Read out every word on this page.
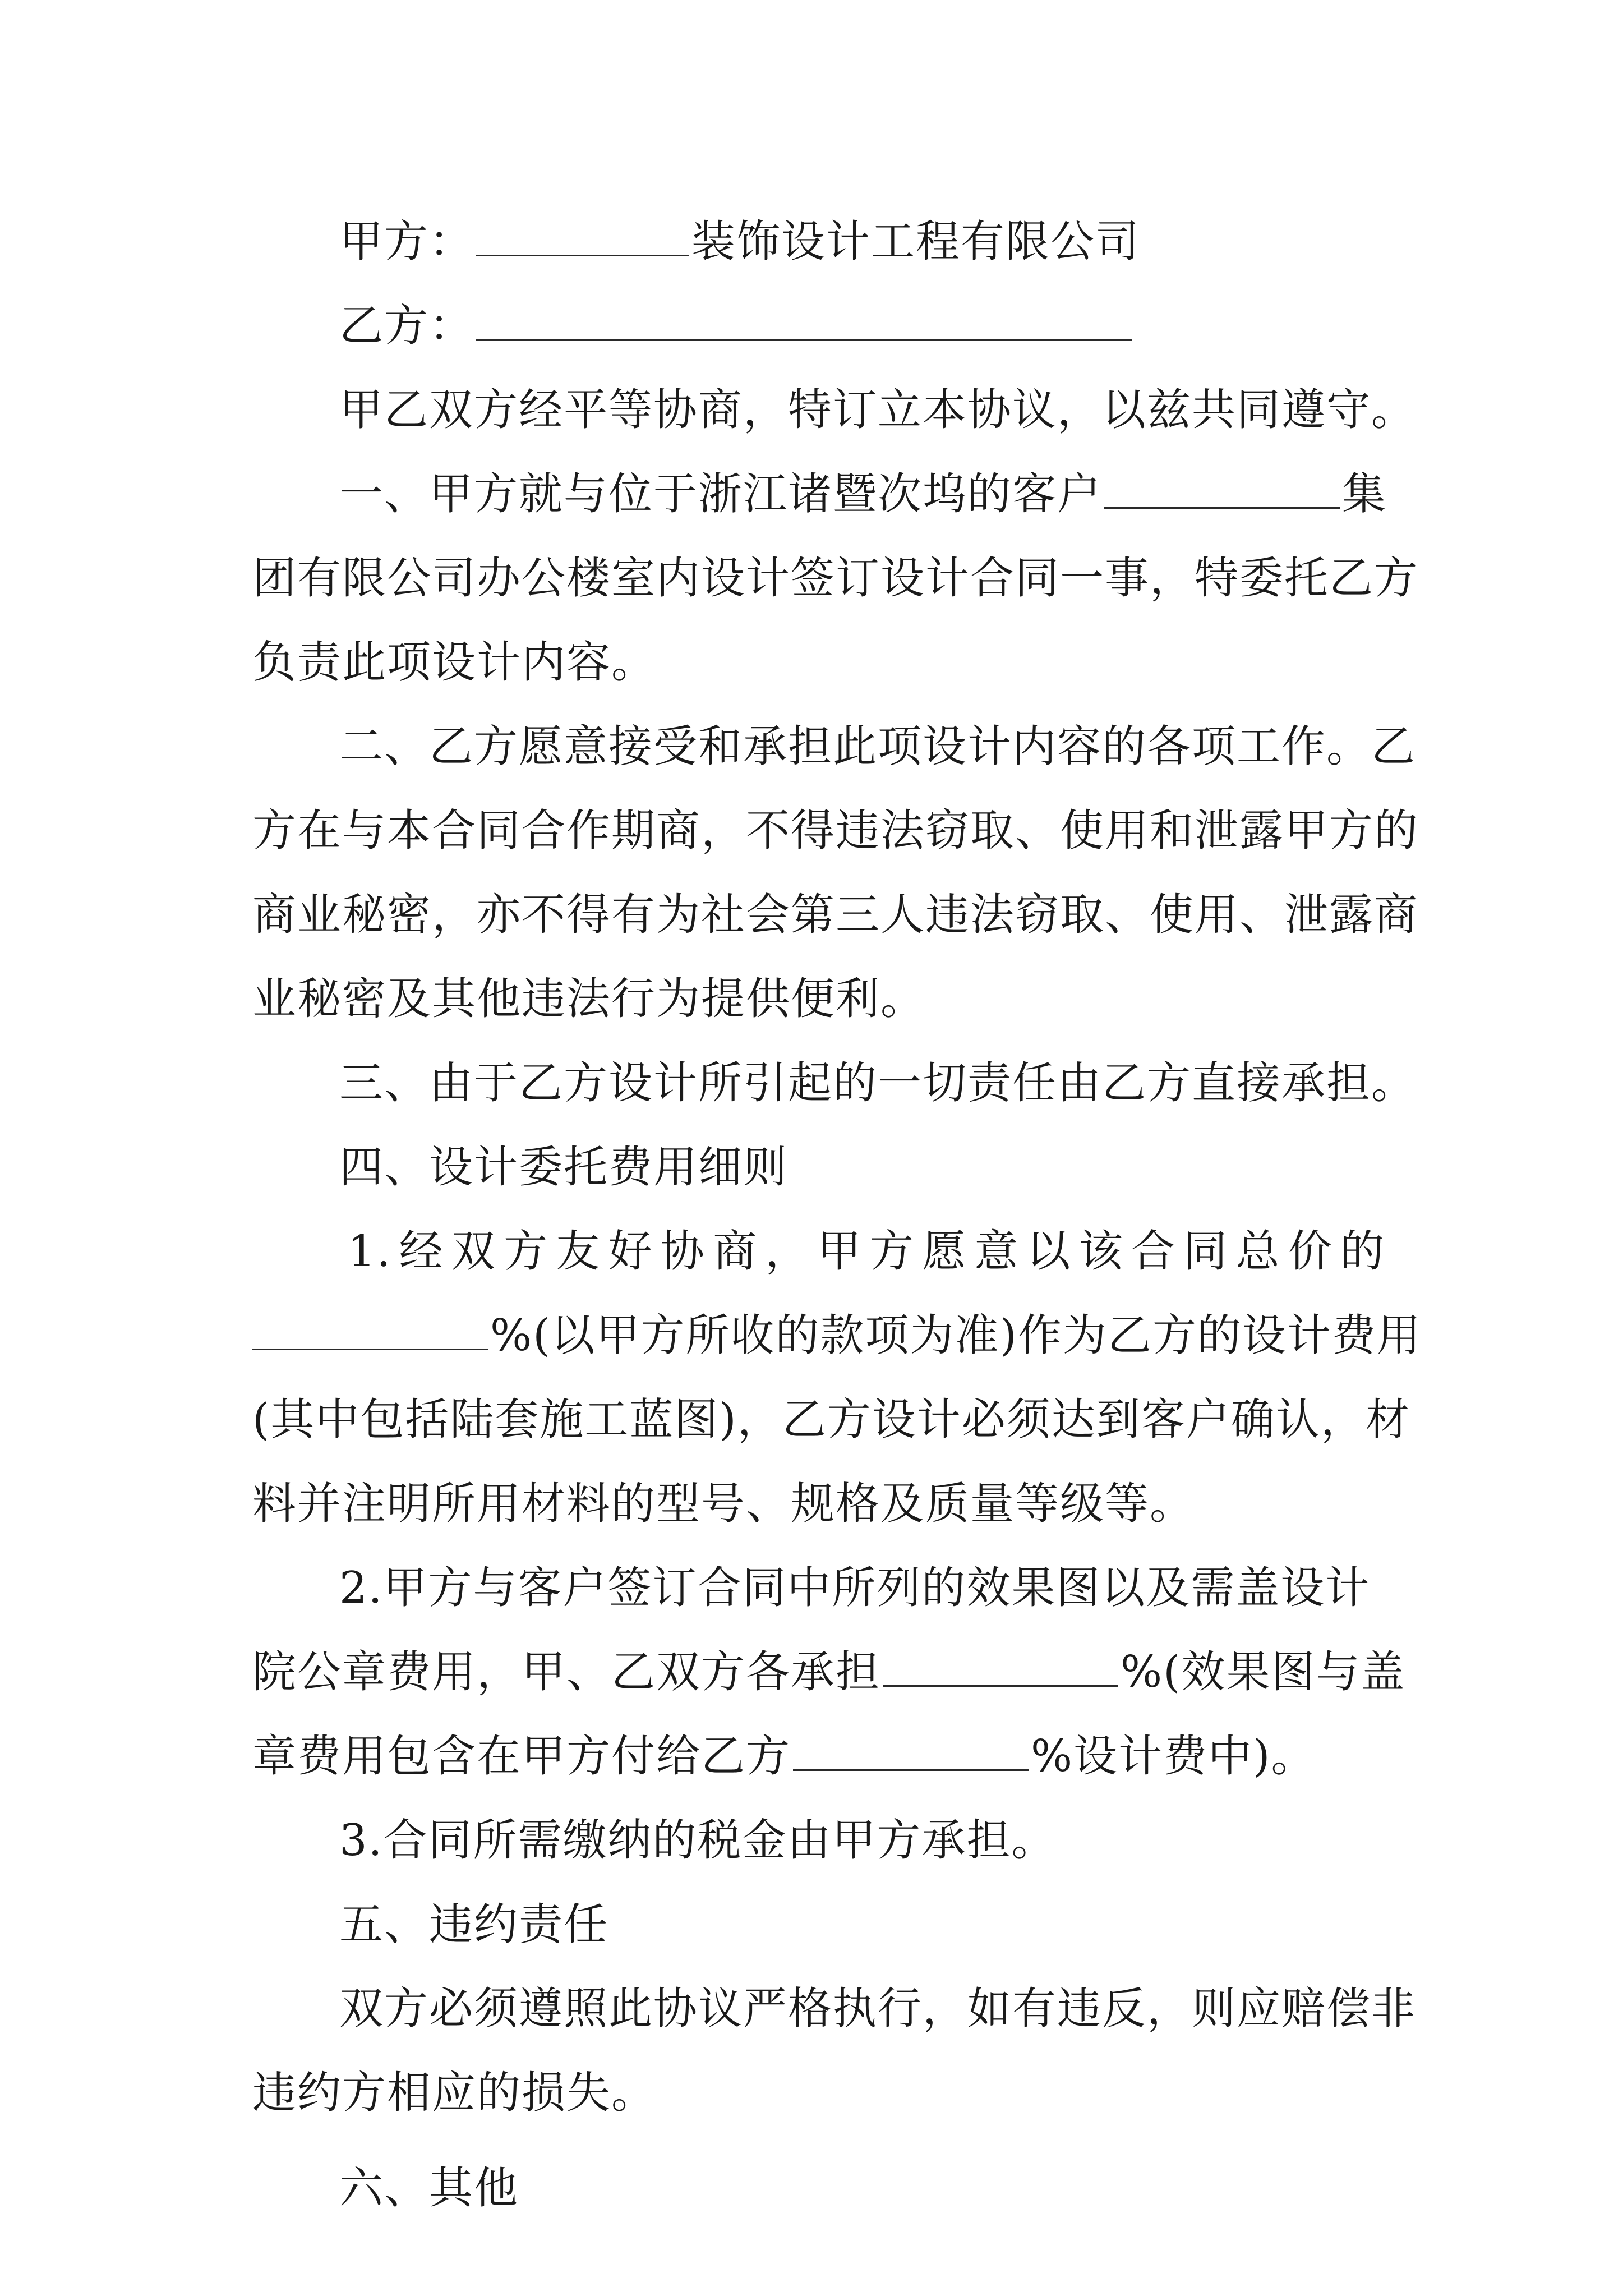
甲方：	装饰设计工程有限公司
乙方：
甲乙双方经平等协商，特订立本协议，以兹共同遵守。
一、甲方就与位于浙江诸暨次坞的客户	集
团有限公司办公楼室内设计签订设计合同一事，特委托乙方
负责此项设计内容。
二、乙方愿意接受和承担此项设计内容的各项工作。乙
方在与本合同合作期商，不得违法窃取、使用和泄露甲方的
商业秘密，亦不得有为社会第三人违法窃取、使用、泄露商
业秘密及其他违法行为提供便利。
三、由于乙方设计所引起的一切责任由乙方直接承担。
四、设计委托费用细则
1.经双方友好协商，甲方愿意以该合同总价的
%(以甲方所收的款项为准)作为乙方的设计费用
(其中包括陆套施工蓝图)，乙方设计必须达到客户确认，材
料并注明所用材料的型号、规格及质量等级等。
2.甲方与客户签订合同中所列的效果图以及需盖设计
院公章费用，甲、乙双方各承担	%(效果图与盖
章费用包含在甲方付给乙方	%设计费中)。
3.合同所需缴纳的税金由甲方承担。
五、违约责任
双方必须遵照此协议严格执行，如有违反，则应赔偿非
违约方相应的损失。
六、其他
